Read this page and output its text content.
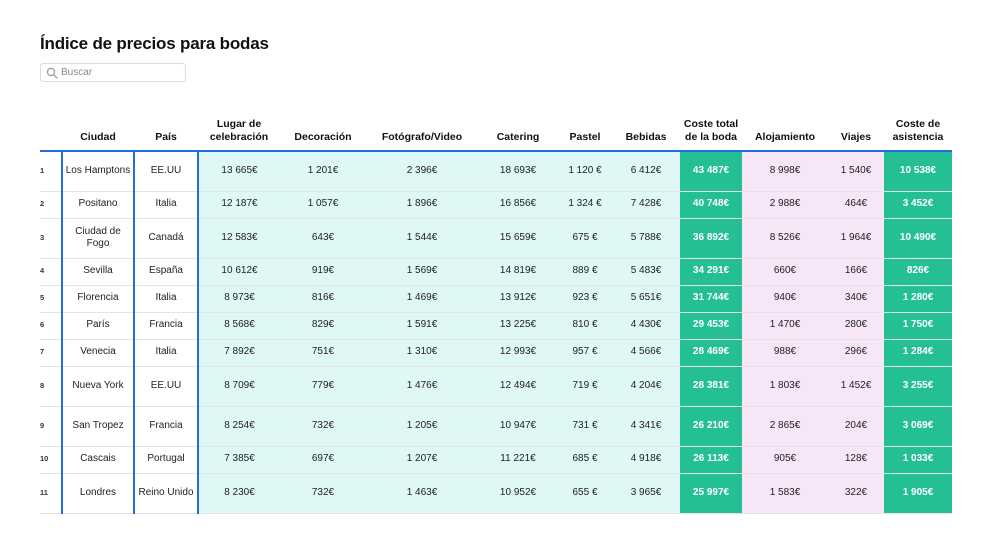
Índice de precios para bodas
Buscar
	Ciudad	País	Lugar de celebración	Decoración	Fotógrafo/Video	Catering	Pastel	Bebidas	Coste total de la boda	Alojamiento	Viajes	Coste de asistencia
1	Los Hamptons	EE.UU	13 665€	1 201€	2 396€	18 693€	1 120 €	6 412€	43 487€	8 998€	1 540€	10 538€
2	Positano	Italia	12 187€	1 057€	1 896€	16 856€	1 324 €	7 428€	40 748€	2 988€	464€	3 452€
3	Ciudad de Fogo	Canadá	12 583€	643€	1 544€	15 659€	675 €	5 788€	36 892€	8 526€	1 964€	10 490€
4	Sevilla	España	10 612€	919€	1 569€	14 819€	889 €	5 483€	34 291€	660€	166€	826€
5	Florencia	Italia	8 973€	816€	1 469€	13 912€	923 €	5 651€	31 744€	940€	340€	1 280€
6	París	Francia	8 568€	829€	1 591€	13 225€	810 €	4 430€	29 453€	1 470€	280€	1 750€
7	Venecia	Italia	7 892€	751€	1 310€	12 993€	957 €	4 566€	28 469€	988€	296€	1 284€
8	Nueva York	EE.UU	8 709€	779€	1 476€	12 494€	719 €	4 204€	28 381€	1 803€	1 452€	3 255€
9	San Tropez	Francia	8 254€	732€	1 205€	10 947€	731 €	4 341€	26 210€	2 865€	204€	3 069€
10	Cascais	Portugal	7 385€	697€	1 207€	11 221€	685 €	4 918€	26 113€	905€	128€	1 033€
11	Londres	Reino Unido	8 230€	732€	1 463€	10 952€	655 €	3 965€	25 997€	1 583€	322€	1 905€
